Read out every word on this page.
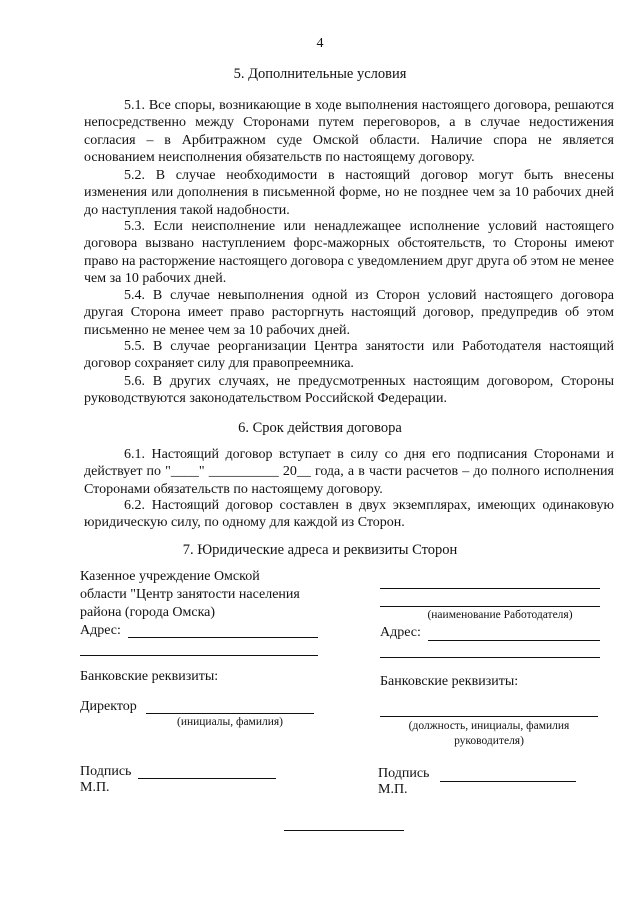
4
5. Дополнительные условия
5.1. Все споры, возникающие в ходе выполнения настоящего договора, решаются непосредственно между Сторонами путем переговоров, а в случае недостижения согласия – в Арбитражном суде Омской области. Наличие спора не является основанием неисполнения обязательств по настоящему договору.
5.2. В случае необходимости в настоящий договор могут быть внесены изменения или дополнения в письменной форме, но не позднее чем за 10 рабочих дней до наступления такой надобности.
5.3. Если неисполнение или ненадлежащее исполнение условий настоящего договора вызвано наступлением форс-мажорных обстоятельств, то Стороны имеют право на расторжение настоящего договора с уведомлением друг друга об этом не менее чем за 10 рабочих дней.
5.4. В случае невыполнения одной из Сторон условий настоящего договора другая Сторона имеет право расторгнуть настоящий договор, предупредив об этом письменно не менее чем за 10 рабочих дней.
5.5. В случае реорганизации Центра занятости или Работодателя настоящий договор сохраняет силу для правопреемника.
5.6. В других случаях, не предусмотренных настоящим договором, Стороны руководствуются законодательством Российской Федерации.
6. Срок действия договора
6.1. Настоящий договор вступает в силу со дня его подписания Сторонами и действует по "____" __________ 20__ года, а в части расчетов – до полного исполнения Сторонами обязательств по настоящему договору.
6.2. Настоящий договор составлен в двух экземплярах, имеющих одинаковую юридическую силу, по одному для каждой из Сторон.
7. Юридические адреса и реквизиты Сторон
Казенное учреждение Омской
области "Центр занятости населения
района (города Омска)
Адрес:
Банковские реквизиты:
Директор
(инициалы, фамилия)
Подпись
М.П.
(наименование Работодателя)
Адрес:
Банковские реквизиты:
(должность, инициалы, фамилия
руководителя)
Подпись
М.П.
